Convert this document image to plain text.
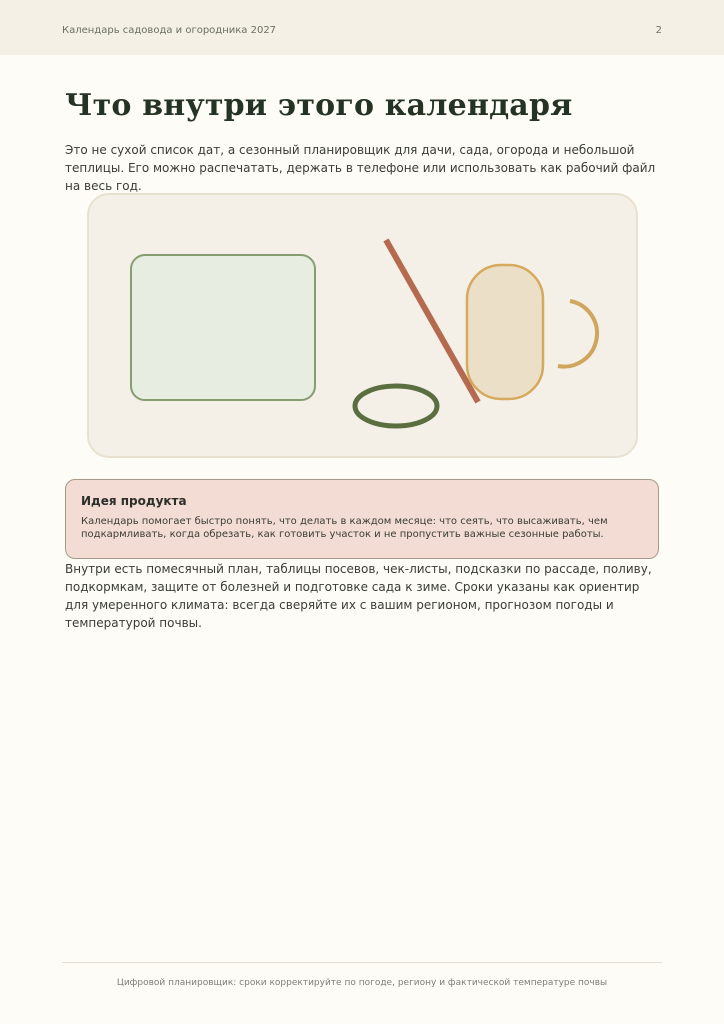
Календарь садовода и огородника 2027	2
Что внутри этого календаря

Это не сухой список дат, а сезонный планировщик для дачи, сада, огорода и небольшой теплицы. Его можно распечатать, держать в телефоне или использовать как рабочий файл на весь год.

Идея продукта
Календарь помогает быстро понять, что делать в каждом месяце: что сеять, что высаживать, чем подкармливать, когда обрезать, как готовить участок и не пропустить важные сезонные работы.

Внутри есть помесячный план, таблицы посевов, чек-листы, подсказки по рассаде, поливу, подкормкам, защите от болезней и подготовке сада к зиме. Сроки указаны как ориентир для умеренного климата: всегда сверяйте их с вашим регионом, прогнозом погоды и температурой почвы.

Цифровой планировщик: сроки корректируйте по погоде, региону и фактической температуре почвы
